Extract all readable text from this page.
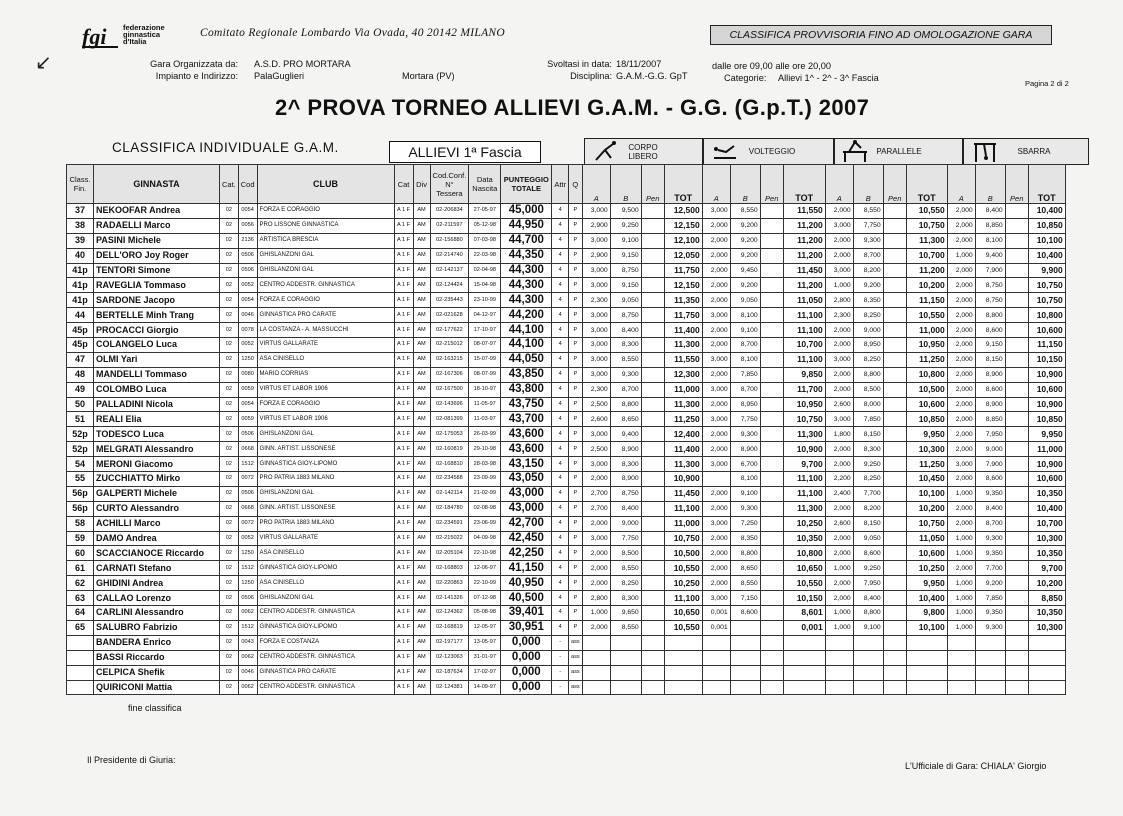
↙
fgi federazione
ginnastica
d'Italia
Comitato Regionale Lombardo Via Ovada, 40 20142 MILANO	CLASSIFICA PROVVISORIA FINO AD OMOLOGAZIONE GARA
Gara Organizzata da:
Impianto e Indirizzo:
A.S.D. PRO MORTARA
PalaGuglieri	Mortara (PV)
Svoltasi in data:
Disciplina:
18/11/2007
G.A.M.-G.G. GpT
dalle ore 09,00 alle ore 20,00
Categorie: Allievi 1^ - 2^ - 3^ Fascia
Pagina 2 di 2
2^ PROVA TORNEO ALLIEVI G.A.M. - G.G. (G.p.T.) 2007
CLASSIFICA INDIVIDUALE G.A.M.	ALLIEVI 1ª Fascia	CORPO LIBERO
VOLTEGGIO	PARALLELE	SBARRA
Class. Fin.	GINNASTA	Cat.	Cod	CLUB	Cat	Div	Cod.Conf. N° Tessera	Data Nascita	PUNTEGGIO TOTALE	Attr	Q	A	B	Pen	TOT	A	B	Pen	TOT	A	B	Pen	TOT	A	B	Pen	TOT
37	NEKOOFAR Andrea	02	0054	FORZA E CORAGGIO	A 1 F	AM	02-206834	27-05-97	45,000	4	P	3,000	9,500		12,500	3,000	8,550		11,550	2,000	8,550		10,550	2,000	8,400		10,400
38	RADAELLI Marco	02	0056	PRO LISSONE GINNASTICA	A 1 F	AM	02-211597	05-12-98	44,950	4	P	2,900	9,250		12,150	2,000	9,200		11,200	3,000	7,750		10,750	2,000	8,850		10,850
39	PASINI Michele	02	2136	ARTISTICA BRESCIA	A 1 F	AM	02-156880	07-03-98	44,700	4	P	3,000	9,100		12,100	2,000	9,200		11,200	2,000	9,300		11,300	2,000	8,100		10,100
40	DELL'ORO Joy Roger	02	0506	GHISLANZONI GAL	A 1 F	AM	02-214740	22-03-98	44,350	4	P	2,900	9,150		12,050	2,000	9,200		11,200	2,000	8,700		10,700	1,000	9,400		10,400
41p	TENTORI Simone	02	0506	GHISLANZONI GAL	A 1 F	AM	02-142137	02-04-98	44,300	4	P	3,000	8,750		11,750	2,000	9,450		11,450	3,000	8,200		11,200	2,000	7,900		9,900
41p	RAVEGLIA Tommaso	02	0052	CENTRO ADDESTR. GINNASTICA	A 1 F	AM	02-124424	15-04-98	44,300	4	P	3,000	9,150		12,150	2,000	9,200		11,200	1,000	9,200		10,200	2,000	8,750		10,750
41p	SARDONE Jacopo	02	0054	FORZA E CORAGGIO	A 1 F	AM	02-235443	23-10-99	44,300	4	P	2,300	9,050		11,350	2,000	9,050		11,050	2,800	8,350		11,150	2,000	8,750		10,750
44	BERTELLE Minh Trang	02	0046	GINNASTICA PRO CARATE	A 1 F	AM	02-021628	04-12-97	44,200	4	P	3,000	8,750		11,750	3,000	8,100		11,100	2,300	8,250		10,550	2,000	8,800		10,800
45p	PROCACCI Giorgio	02	0078	LA COSTANZA - A. MASSUCCHI	A 1 F	AM	02-177622	17-10-97	44,100	4	P	3,000	8,400		11,400	2,000	9,100		11,100	2,000	9,000		11,000	2,000	8,600		10,600
45p	COLANGELO Luca	02	0052	VIRTUS GALLARATE	A 1 F	AM	02-215012	08-07-97	44,100	4	P	3,000	8,300		11,300	2,000	8,700		10,700	2,000	8,950		10,950	2,000	9,150		11,150
47	OLMI Yari	02	1250	ASA CINISELLO	A 1 F	AM	02-163215	15-07-99	44,050	4	P	3,000	8,550		11,550	3,000	8,100		11,100	3,000	8,250		11,250	2,000	8,150		10,150
48	MANDELLI Tommaso	02	0080	MARIO CORRIAS	A 1 F	AM	02-167306	08-07-99	43,850	4	P	3,000	9,300		12,300	2,000	7,850		9,850	2,000	8,800		10,800	2,000	8,900		10,900
49	COLOMBO Luca	02	0059	VIRTUS ET LABOR 1906	A 1 F	AM	02-167500	18-10-97	43,800	4	P	2,300	8,700		11,000	3,000	8,700		11,700	2,000	8,500		10,500	2,000	8,600		10,600
50	PALLADINI Nicola	02	0054	FORZA E CORAGGIO	A 1 F	AM	02-143696	11-05-97	43,750	4	P	2,500	8,800		11,300	2,000	8,950		10,950	2,600	8,000		10,600	2,000	8,900		10,900
51	REALI Elia	02	0059	VIRTUS ET LABOR 1906	A 1 F	AM	02-081399	11-03-97	43,700	4	P	2,600	8,650		11,250	3,000	7,750		10,750	3,000	7,850		10,850	2,000	8,850		10,850
52p	TODESCO Luca	02	0506	GHISLANZONI GAL	A 1 F	AM	02-175053	26-03-99	43,600	4	P	3,000	9,400		12,400	2,000	9,300		11,300	1,800	8,150		9,950	2,000	7,950		9,950
52p	MELGRATI Alessandro	02	0668	GINN. ARTIST. LISSONESE	A 1 F	AM	02-160819	29-10-98	43,600	4	P	2,500	8,900		11,400	2,000	8,900		10,900	2,000	8,300		10,300	2,000	9,000		11,000
54	MERONI Giacomo	02	1512	GINNASTICA GIOY-LIPOMO	A 1 F	AM	02-168810	28-03-98	43,150	4	P	3,000	8,300		11,300	3,000	6,700		9,700	2,000	9,250		11,250	3,000	7,900		10,900
55	ZUCCHIATTO Mirko	02	0072	PRO PATRIA 1883 MILANO	A 1 F	AM	02-234588	23-09-99	43,050	4	P	2,000	8,900		10,900		8,100		11,100	2,200	8,250		10,450	2,000	8,600		10,600
56p	GALPERTI Michele	02	0506	GHISLANZONI GAL	A 1 F	AM	02-142114	21-02-99	43,000	4	P	2,700	8,750		11,450	2,000	9,100		11,100	2,400	7,700		10,100	1,000	9,350		10,350
56p	CURTO Alessandro	02	0668	GINN. ARTIST. LISSONESE	A 1 F	AM	02-184780	02-08-98	43,000	4	P	2,700	8,400		11,100	2,000	9,300		11,300	2,000	8,200		10,200	2,000	8,400		10,400
58	ACHILLI Marco	02	0072	PRO PATRIA 1883 MILANO	A 1 F	AM	02-234591	23-06-99	42,700	4	P	2,000	9,000		11,000	3,000	7,250		10,250	2,600	8,150		10,750	2,000	8,700		10,700
59	DAMO Andrea	02	0052	VIRTUS GALLARATE	A 1 F	AM	02-215022	04-09-98	42,450	4	P	3,000	7,750		10,750	2,000	8,350		10,350	2,000	9,050		11,050	1,000	9,300		10,300
60	SCACCIANOCE Riccardo	02	1250	ASA CINISELLO	A 1 F	AM	02-205104	22-10-98	42,250	4	P	2,000	8,500		10,500	2,000	8,800		10,800	2,000	8,600		10,600	1,000	9,350		10,350
61	CARNATI Stefano	02	1512	GINNASTICA GIOY-LIPOMO	A 1 F	AM	02-168803	12-06-97	41,150	4	P	2,000	8,550		10,550	2,000	8,650		10,650	1,000	9,250		10,250	2,000	7,700		9,700
62	GHIDINI Andrea	02	1250	ASA CINISELLO	A 1 F	AM	02-220863	22-10-99	40,950	4	P	2,000	8,250		10,250	2,000	8,550		10,550	2,000	7,950		9,950	1,000	9,200		10,200
63	CALLAO Lorenzo	02	0506	GHISLANZONI GAL	A 1 F	AM	02-141326	07-12-98	40,500	4	P	2,800	8,300		11,100	3,000	7,150		10,150	2,000	8,400		10,400	1,000	7,850		8,850
64	CARLINI Alessandro	02	0062	CENTRO ADDESTR. GINNASTICA	A 1 F	AM	02-124362	05-08-98	39,401	4	P	1,000	9,650		10,650	0,001	8,600		8,601	1,000	8,800		9,800	1,000	9,350		10,350
65	SALUBRO Fabrizio	02	1512	GINNASTICA GIOY-LIPOMO	A 1 F	AM	02-168819	12-05-97	30,951	4	P	2,000	8,550		10,550	0,001			0,001	1,000	9,100		10,100	1,000	9,300		10,300
	BANDERA Enrico	02	0043	FORZA E COSTANZA	A 1 F	AM	02-197177	13-05-97	0,000	-	ass																
	BASSI Riccardo	02	0062	CENTRO ADDESTR. GINNASTICA	A 1 F	AM	02-123063	31-01-97	0,000	-	ass																
	CELPICA Shefik	02	0046	GINNASTICA PRO CARATE	A 1 F	AM	02-187634	17-02-97	0,000	-	ass																
	QUIRICONI Mattia	02	0062	CENTRO ADDESTR. GINNASTICA	A 1 F	AM	02-124381	14-09-97	0,000	-	ass																
fine classifica
Il Presidente di Giuria:
L'Ufficiale di Gara: CHIALA' Giorgio
